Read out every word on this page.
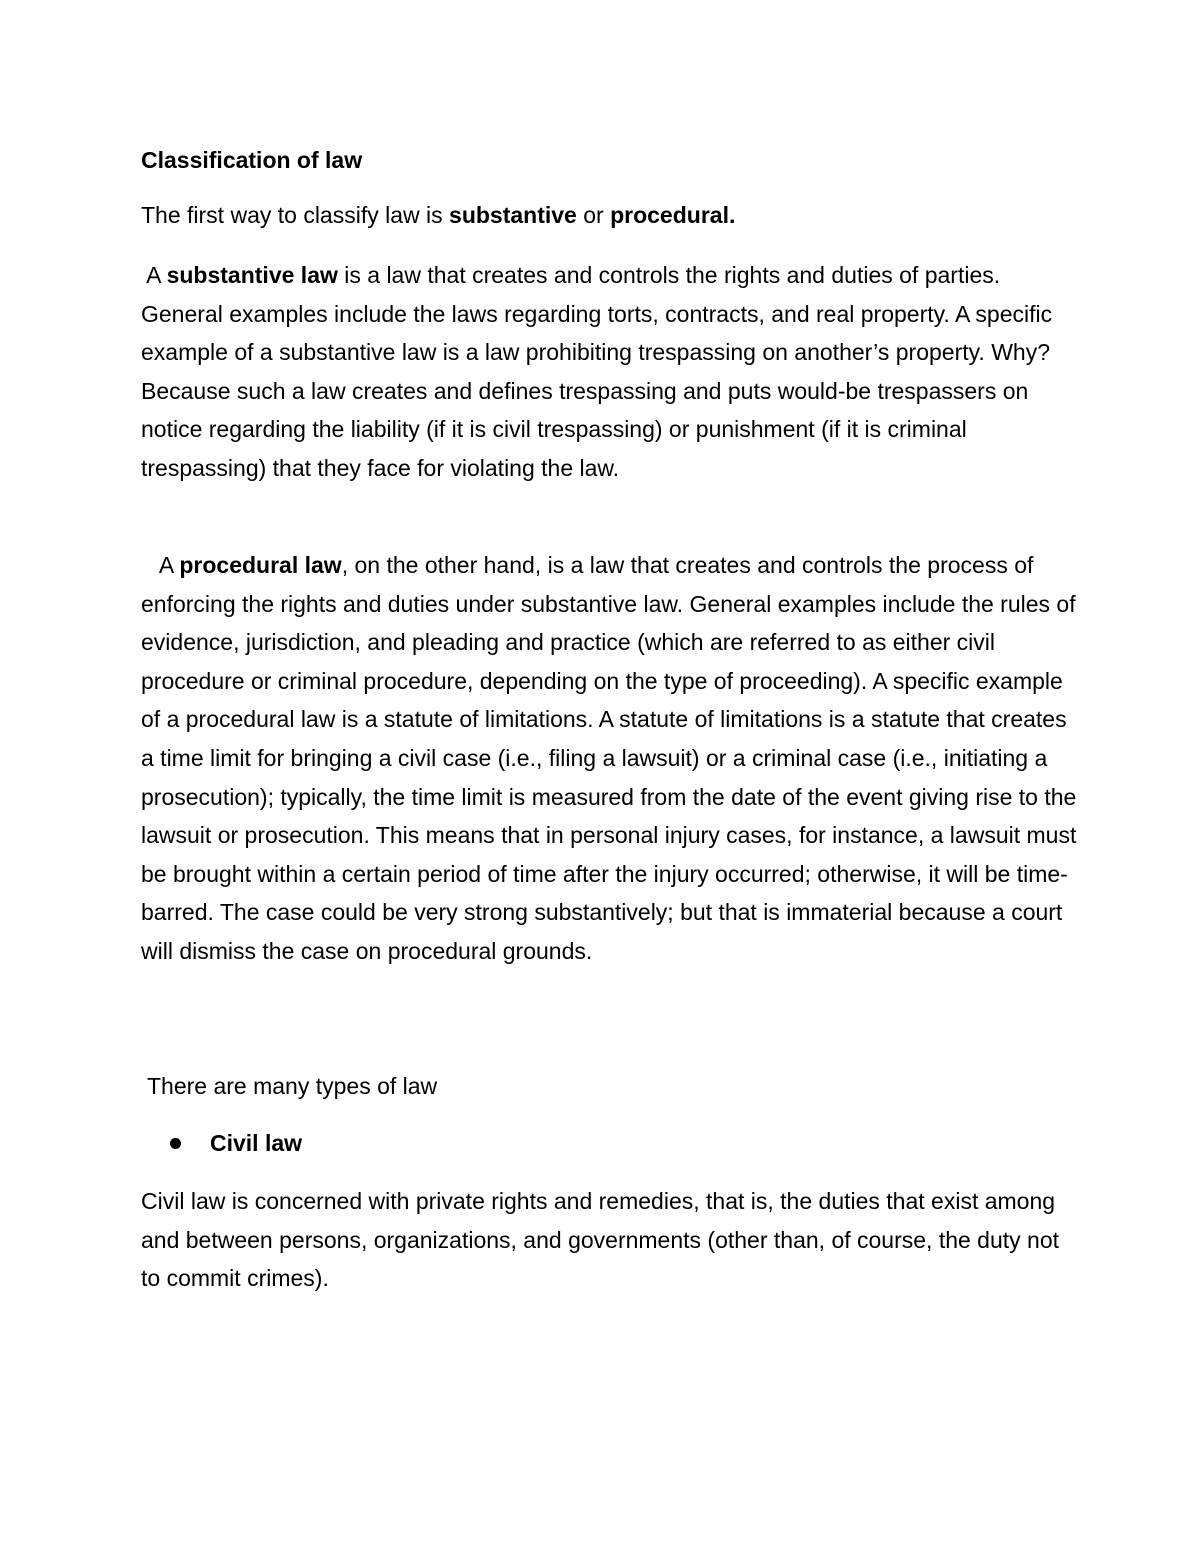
Classification of law

The first way to classify law is substantive or procedural.

A substantive law is a law that creates and controls the rights and duties of parties. General examples include the laws regarding torts, contracts, and real property. A specific example of a substantive law is a law prohibiting trespassing on another’s property. Why? Because such a law creates and defines trespassing and puts would-be trespassers on notice regarding the liability (if it is civil trespassing) or punishment (if it is criminal trespassing) that they face for violating the law.

A procedural law, on the other hand, is a law that creates and controls the process of enforcing the rights and duties under substantive law. General examples include the rules of evidence, jurisdiction, and pleading and practice (which are referred to as either civil procedure or criminal procedure, depending on the type of proceeding). A specific example of a procedural law is a statute of limitations. A statute of limitations is a statute that creates a time limit for bringing a civil case (i.e., filing a lawsuit) or a criminal case (i.e., initiating a prosecution); typically, the time limit is measured from the date of the event giving rise to the lawsuit or prosecution. This means that in personal injury cases, for instance, a lawsuit must be brought within a certain period of time after the injury occurred; otherwise, it will be time-barred. The case could be very strong substantively; but that is immaterial because a court will dismiss the case on procedural grounds.

There are many types of law

Civil law

Civil law is concerned with private rights and remedies, that is, the duties that exist among and between persons, organizations, and governments (other than, of course, the duty not to commit crimes).
